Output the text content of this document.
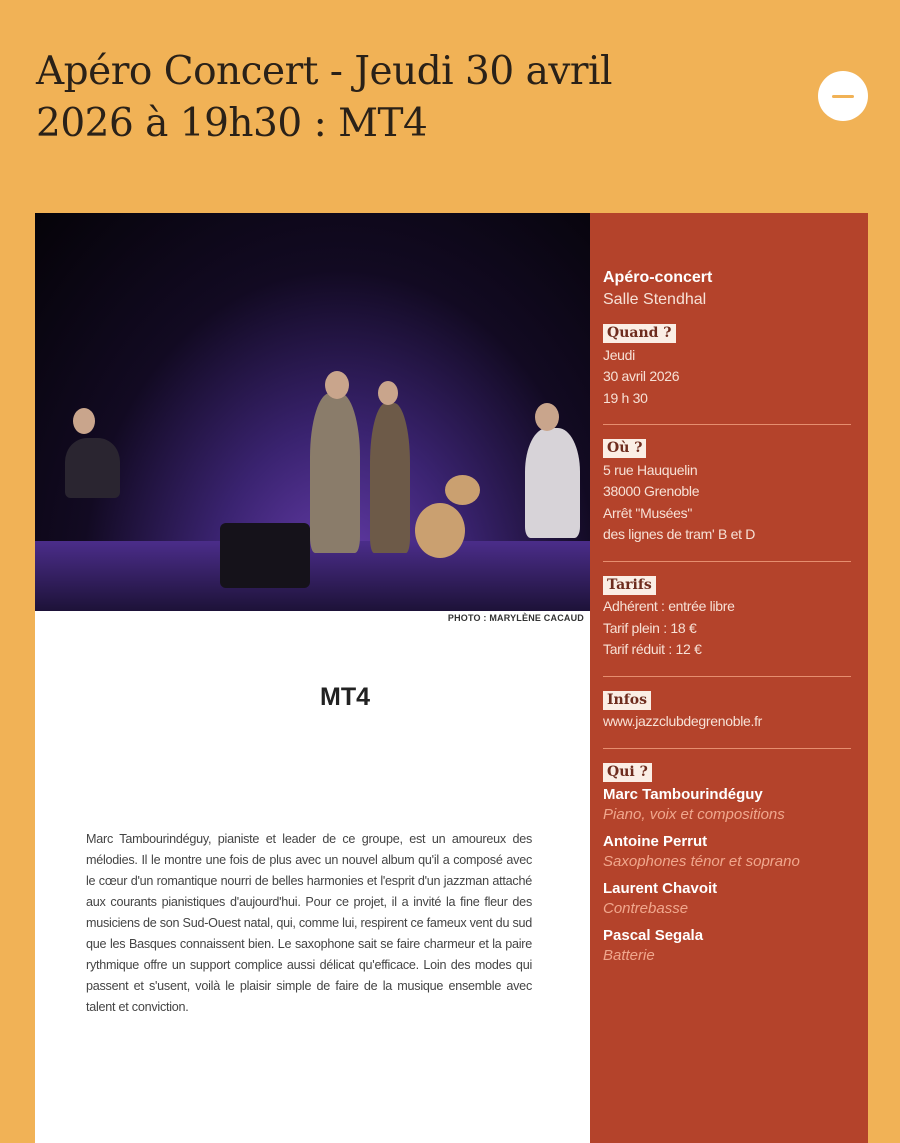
Apéro Concert - Jeudi 30 avril 2026 à 19h30 : MT4
PHOTO : MARYLÈNE CACAUD
MT4
Marc Tambourindéguy, pianiste et leader de ce groupe, est un amoureux des mélodies. Il le montre une fois de plus avec un nouvel album qu'il a composé avec le cœur d'un romantique nourri de belles harmonies et l'esprit d'un jazzman attaché aux courants pianistiques d'aujourd'hui. Pour ce projet, il a invité la fine fleur des musiciens de son Sud-Ouest natal, qui, comme lui, respirent ce fameux vent du sud que les Basques connaissent bien. Le saxophone sait se faire charmeur et la paire rythmique offre un support complice aussi délicat qu'efficace. Loin des modes qui passent et s'usent, voilà le plaisir simple de faire de la musique ensemble avec talent et conviction.
Apéro-concert
Salle Stendhal
Quand ?
Jeudi
30 avril 2026
19 h 30
Où ?
5 rue Hauquelin
38000 Grenoble
Arrêt "Musées"
des lignes de tram' B et D
Tarifs
Adhérent : entrée libre
Tarif plein : 18 €
Tarif réduit : 12 €
Infos
www.jazzclubdegrenoble.fr
Qui ?
Marc Tambourindéguy
Piano, voix et compositions
Antoine Perrut
Saxophones ténor et soprano
Laurent Chavoit
Contrebasse
Pascal Segala
Batterie
